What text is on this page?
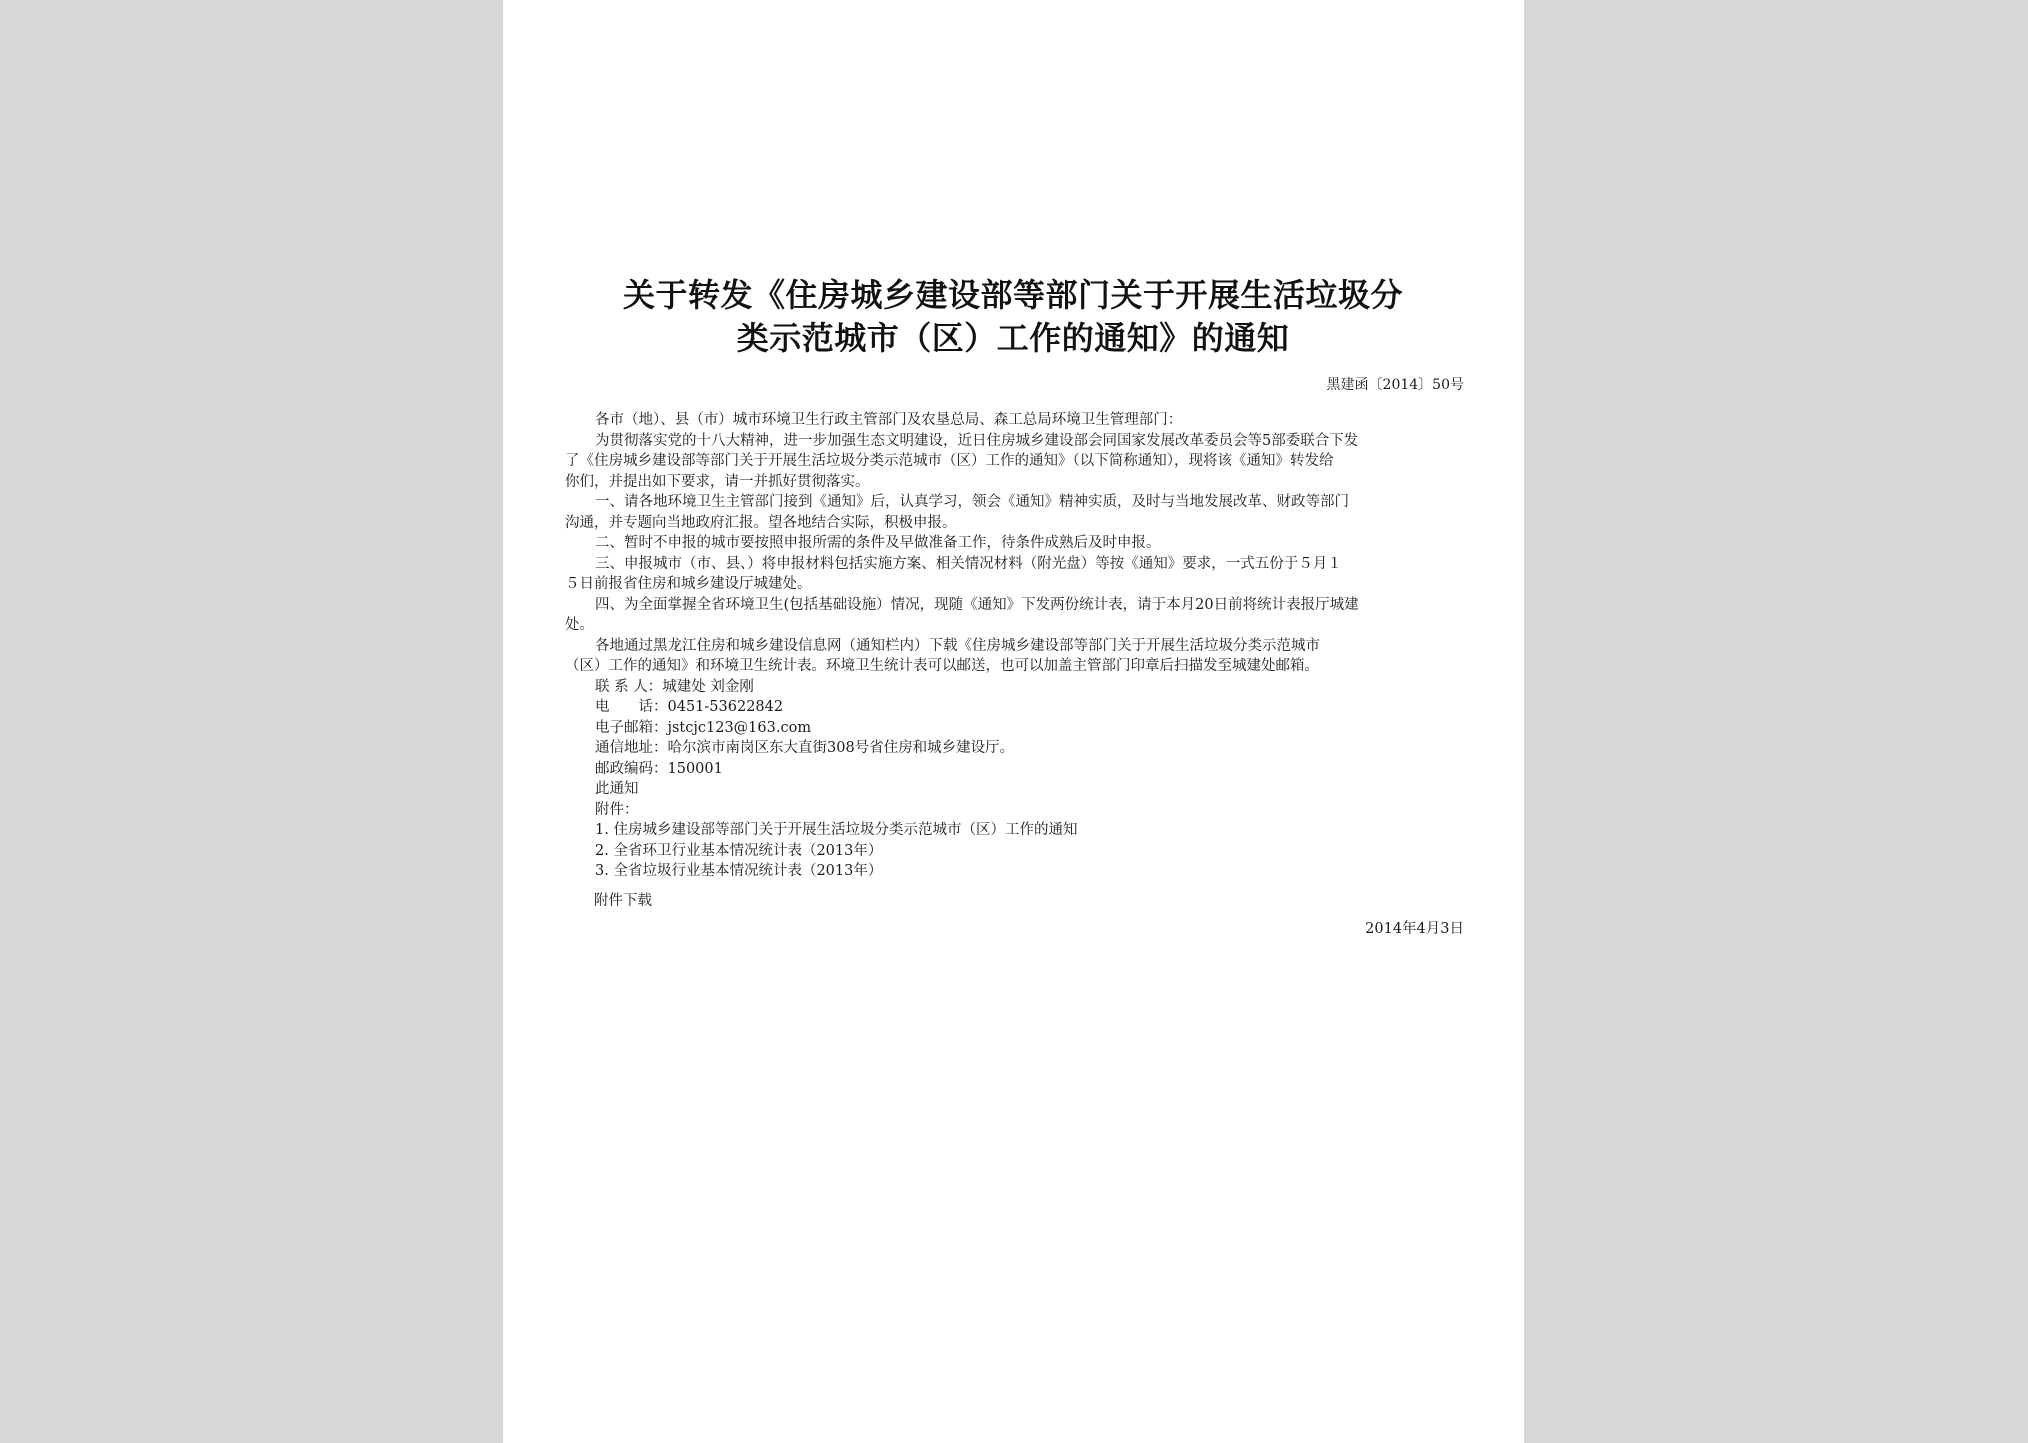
关于转发《住房城乡建设部等部门关于开展生活垃圾分
类示范城市（区）工作的通知》的通知
黑建函〔2014〕50号
各市（地）、县（市）城市环境卫生行政主管部门及农垦总局、森工总局环境卫生管理部门：
为贯彻落实党的十八大精神，进一步加强生态文明建设，近日住房城乡建设部会同国家发展改革委员会等5部委联合下发
了《住房城乡建设部等部门关于开展生活垃圾分类示范城市（区）工作的通知》（以下简称通知），现将该《通知》转发给
你们，并提出如下要求，请一并抓好贯彻落实。
一、请各地环境卫生主管部门接到《通知》后，认真学习，领会《通知》精神实质，及时与当地发展改革、财政等部门
沟通，并专题向当地政府汇报。望各地结合实际，积极申报。
二、暂时不申报的城市要按照申报所需的条件及早做准备工作，待条件成熟后及时申报。
三、申报城市（市、县、）将申报材料包括实施方案、相关情况材料（附光盘）等按《通知》要求，一式五份于５月１
５日前报省住房和城乡建设厅城建处。
四、为全面掌握全省环境卫生(包括基础设施）情况，现随《通知》下发两份统计表，请于本月20日前将统计表报厅城建
处。
各地通过黑龙江住房和城乡建设信息网（通知栏内）下载《住房城乡建设部等部门关于开展生活垃圾分类示范城市
（区）工作的通知》和环境卫生统计表。环境卫生统计表可以邮送，也可以加盖主管部门印章后扫描发至城建处邮箱。
联 系 人：城建处 刘金刚
电　　话：0451-53622842
电子邮箱：jstcjc123@163.com
通信地址：哈尔滨市南岗区东大直街308号省住房和城乡建设厅。
邮政编码：150001
此通知
附件：
1. 住房城乡建设部等部门关于开展生活垃圾分类示范城市（区）工作的通知
2. 全省环卫行业基本情况统计表（2013年）
3. 全省垃圾行业基本情况统计表（2013年）
附件下载
2014年4月3日
